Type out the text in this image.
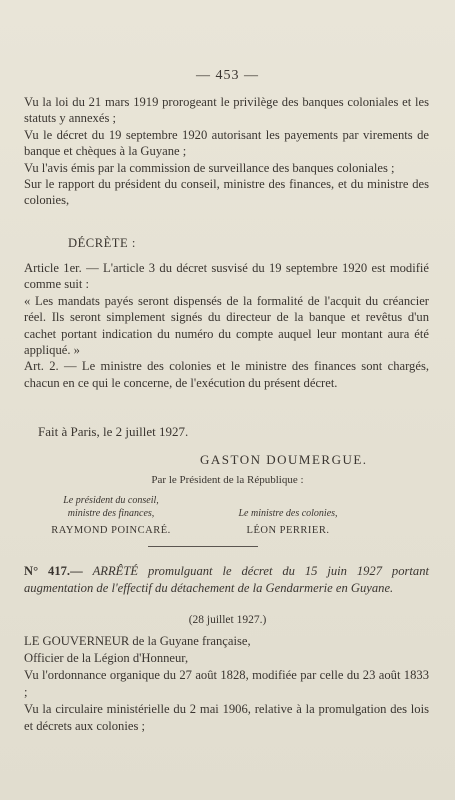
— 453 —

Vu la loi du 21 mars 1919 prorogeant le privilège des banques coloniales et les statuts y annexés ;

Vu le décret du 19 septembre 1920 autorisant les payements par virements de banque et chèques à la Guyane ;

Vu l'avis émis par la commission de surveillance des banques coloniales ;

Sur le rapport du président du conseil, ministre des finances, et du ministre des colonies,

DÉCRÈTE :

Article 1er. — L'article 3 du décret susvisé du 19 septembre 1920 est modifié comme suit :

« Les mandats payés seront dispensés de la formalité de l'acquit du créancier réel. Ils seront simplement signés du directeur de la banque et revêtus d'un cachet portant indication du numéro du compte auquel leur montant aura été appliqué. »

Art. 2. — Le ministre des colonies et le ministre des finances sont chargés, chacun en ce qui le concerne, de l'exécution du présent décret.

Fait à Paris, le 2 juillet 1927.
GASTON DOUMERGUE.
Par le Président de la République :
Le président du conseil,
ministre des finances,
RAYMOND POINCARÉ.
Le ministre des colonies,
LÉON PERRIER.
N° 417.— ARRÊTÉ promulguant le décret du 15 juin 1927 portant augmentation de l'effectif du détachement de la Gendarmerie en Guyane.
(28 juillet 1927.)

LE GOUVERNEUR de la Guyane française,

Officier de la Légion d'Honneur,

Vu l'ordonnance organique du 27 août 1828, modifiée par celle du 23 août 1833 ;

Vu la circulaire ministérielle du 2 mai 1906, relative à la promulgation des lois et décrets aux colonies ;
